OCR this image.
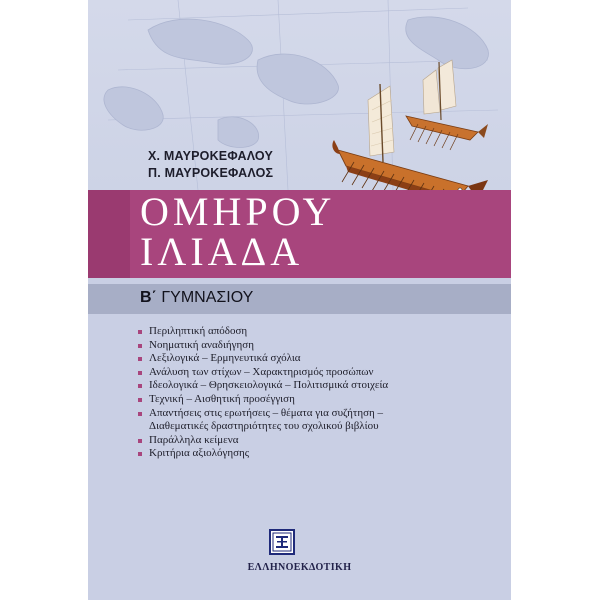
Χ. ΜΑΥΡΟΚΕΦΑΛΟΥ
Π. ΜΑΥΡΟΚΕΦΑΛΟΣ
ΟΜΗΡΟΥ
ΙΛΙΑΔΑ
Β΄ ΓΥΜΝΑΣΙΟΥ
Περιληπτική απόδοση
Νοηματική αναδιήγηση
Λεξιλογικά – Ερμηνευτικά σχόλια
Ανάλυση των στίχων – Χαρακτηρισμός προσώπων
Ιδεολογικά – Θρησκειολογικά – Πολιτισμικά στοιχεία
Τεχνική – Αισθητική προσέγγιση
Απαντήσεις στις ερωτήσεις – θέματα για συζήτηση –
Διαθεματικές δραστηριότητες του σχολικού βιβλίου
Παράλληλα κείμενα
Κριτήρια αξιολόγησης
ΕΛΛΗΝΟΕΚΔΟΤΙΚΗ
